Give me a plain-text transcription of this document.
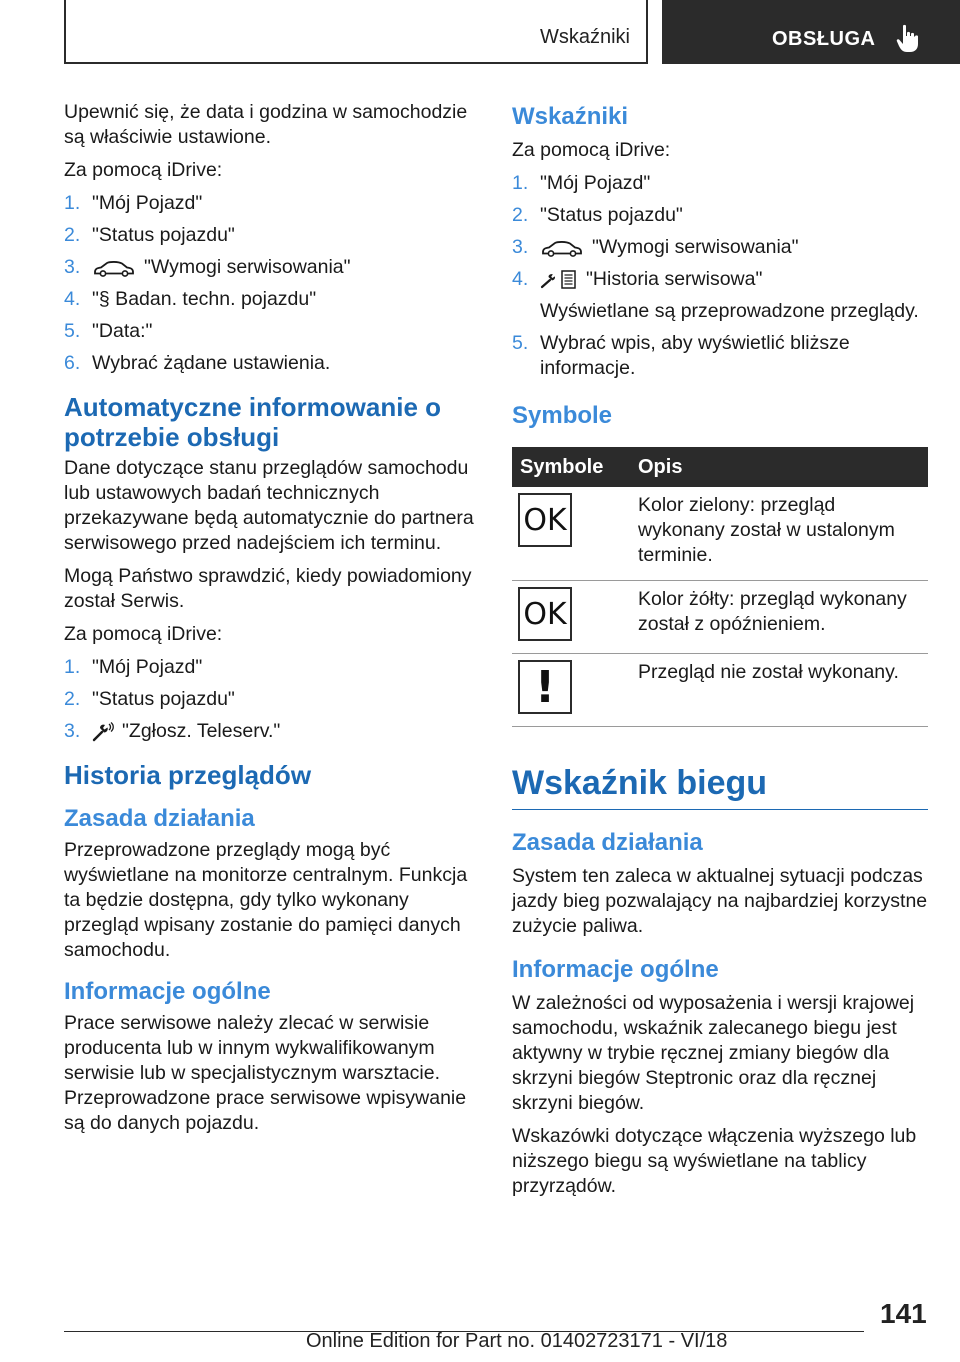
Wskaźniki	OBSŁUGA

Upewnić się, że data i godzina w samochodzie są właściwie ustawione.

Za pomocą iDrive:

1. "Mój Pojazd"
2. "Status pojazdu"
3.	"Wymogi serwisowania"
4. "§ Badan. techn. pojazdu"
5. "Data:"
6. Wybrać żądane ustawienia.
Automatyczne informowanie o potrzebie obsługi

Dane dotyczące stanu przeglądów samochodu lub ustawowych badań technicznych przekazywane będą automatycznie do partnera serwisowego przed nadejściem ich terminu.

Mogą Państwo sprawdzić, kiedy powiadomiony został Serwis.

Za pomocą iDrive:

1. "Mój Pojazd"
2. "Status pojazdu"
3. "Zgłosz. Teleserv."
Historia przeglądów
Zasada działania

Przeprowadzone przeglądy mogą być wyświetlane na monitorze centralnym. Funkcja ta będzie dostępna, gdy tylko wykonany przegląd wpisany zostanie do pamięci danych samochodu.

Informacje ogólne

Prace serwisowe należy zlecać w serwisie producenta lub w innym wykwalifikowanym serwisie lub w specjalistycznym warsztacie. Przeprowadzone prace serwisowe wpisywanie są do danych pojazdu.

Wskaźniki

Za pomocą iDrive:

1. "Mój Pojazd"
2. "Status pojazdu"
3.	"Wymogi serwisowania"
4.	"Historia serwisowa"
Wyświetlane są przeprowadzone przeglądy.
5. Wybrać wpis, aby wyświetlić bliższe informacje.
Symbole
Symbole	Opis

OK	Kolor zielony: przegląd wykonany został w ustalonym terminie.

OK	Kolor żółty: przegląd wykonany został z opóźnieniem.

!	Przegląd nie został wykonany.
Wskaźnik biegu
Zasada działania

System ten zaleca w aktualnej sytuacji podczas jazdy bieg pozwalający na najbardziej korzystne zużycie paliwa.

Informacje ogólne

W zależności od wyposażenia i wersji krajowej samochodu, wskaźnik zalecanego biegu jest aktywny w trybie ręcznej zmiany biegów dla skrzyni biegów Steptronic oraz dla ręcznej skrzyni biegów.

Wskazówki dotyczące włączenia wyższego lub niższego biegu są wyświetlane na tablicy przyrządów.

141
Online Edition for Part no. 01402723171 - VI/18
